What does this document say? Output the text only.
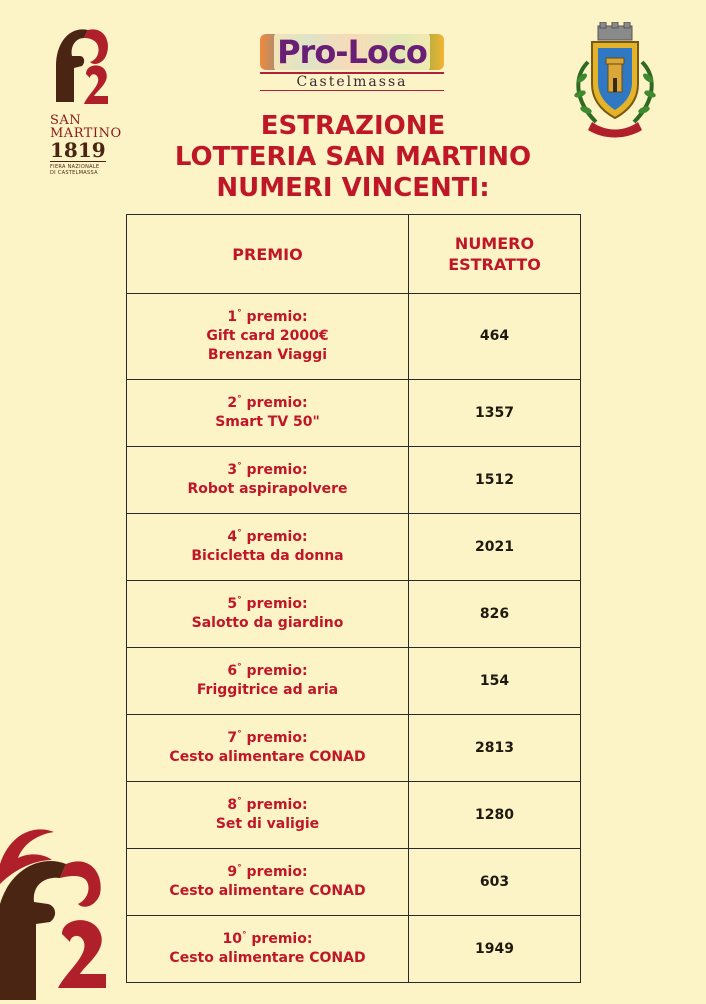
SAN
MARTINO
1819
FIERA NAZIONALE
DI CASTELMASSA
Pro-Loco
Castelmassa
ESTRAZIONE
LOTTERIA SAN MARTINO
NUMERI VINCENTI:
PREMIO	NUMERO
ESTRATTO

1° premio:
Gift card 2000€
Brenzan Viaggi	464

2° premio:
Smart TV 50"	1357

3° premio:
Robot aspirapolvere	1512

4° premio:
Bicicletta da donna	2021

5° premio:
Salotto da giardino	826

6° premio:
Friggitrice ad aria	154

7° premio:
Cesto alimentare CONAD	2813

8° premio:
Set di valigie	1280

9° premio:
Cesto alimentare CONAD	603

10° premio:
Cesto alimentare CONAD	1949
